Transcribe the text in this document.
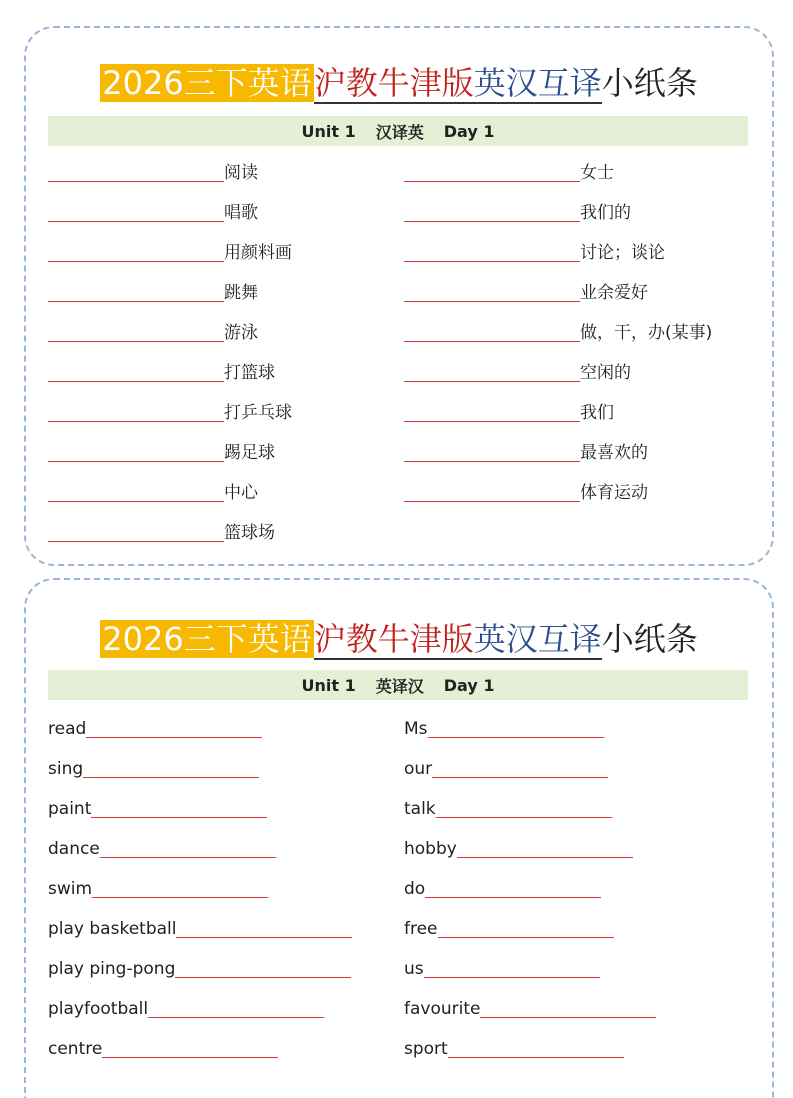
2026三下英语沪教牛津版英汉互译小纸条
Unit 1 汉译英 Day 1
阅读
唱歌
用颜料画
跳舞
游泳
打篮球
打乒乓球
踢足球
中心
篮球场
女士
我们的
讨论；谈论
业余爱好
做，干，办(某事)
空闲的
我们
最喜欢的
体育运动
2026三下英语沪教牛津版英汉互译小纸条
Unit 1 英译汉 Day 1
read
sing
paint
dance
swim
play basketball
play ping-pong
playfootball
centre
Ms
our
talk
hobby
do
free
us
favourite
sport
